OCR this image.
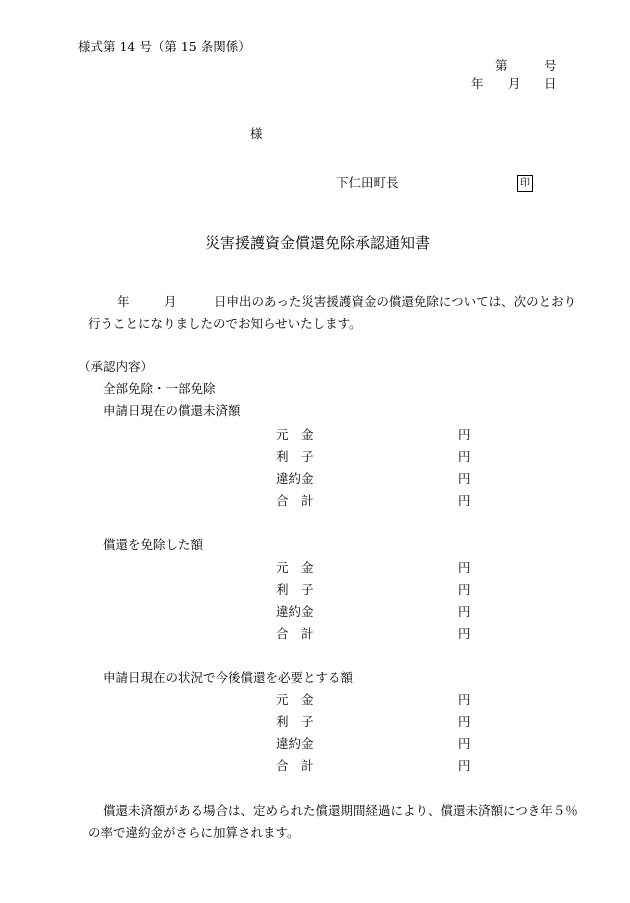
様式第 14 号（第 15 条関係）
第	号
年 月 日
様
下仁田町長	印
災害援護資金償還免除承認通知書
年	月	日申出のあった災害援護資金の償還免除については、次のとおり
行うことになりましたのでお知らせいたします。
（承認内容）
全部免除・一部免除
申請日現在の償還未済額
元　金	円
利　子	円
違約金	円
合　計	円
償還を免除した額
元　金	円
利　子	円
違約金	円
合　計	円
申請日現在の状況で今後償還を必要とする額
元　金	円
利　子	円
違約金	円
合　計	円
償還未済額がある場合は、定められた償還期間経過により、償還未済額につき年５％
の率で違約金がさらに加算されます。
